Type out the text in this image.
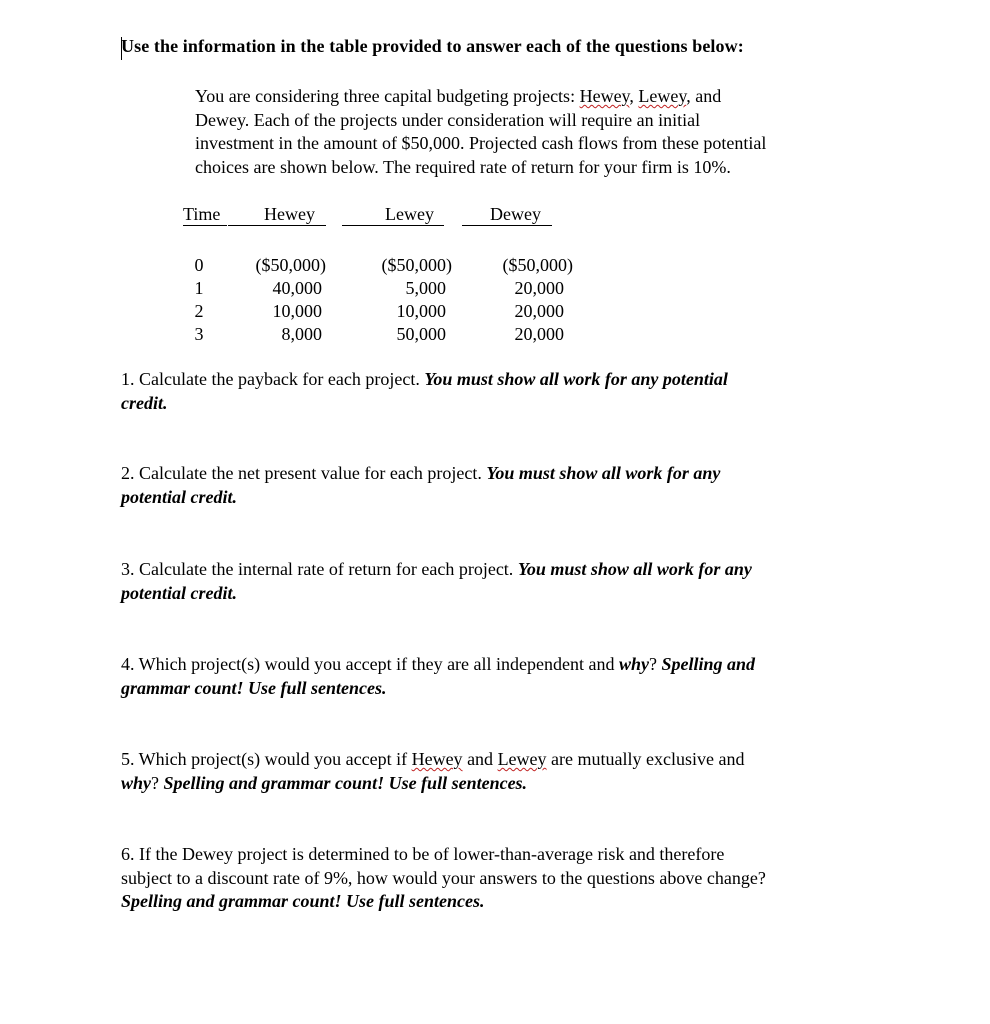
Use the information in the table provided to answer each of the questions below:
You are considering three capital budgeting projects: Hewey, Lewey, and
Dewey. Each of the projects under consideration will require an initial
investment in the amount of $50,000. Projected cash flows from these potential
choices are shown below. The required rate of return for your firm is 10%.
Time Hewey	Lewey	Dewey
0
1
2
3
($50,000)
40,000
10,000
8,000
($50,000)
5,000
10,000
50,000
($50,000)
20,000
20,000
20,000
1. Calculate the payback for each project. You must show all work for any potential
credit.
2. Calculate the net present value for each project. You must show all work for any
potential credit.
3. Calculate the internal rate of return for each project. You must show all work for any
potential credit.
4. Which project(s) would you accept if they are all independent and why? Spelling and
grammar count! Use full sentences.
5. Which project(s) would you accept if Hewey and Lewey are mutually exclusive and
why? Spelling and grammar count! Use full sentences.
6. If the Dewey project is determined to be of lower-than-average risk and therefore
subject to a discount rate of 9%, how would your answers to the questions above change?
Spelling and grammar count! Use full sentences.
